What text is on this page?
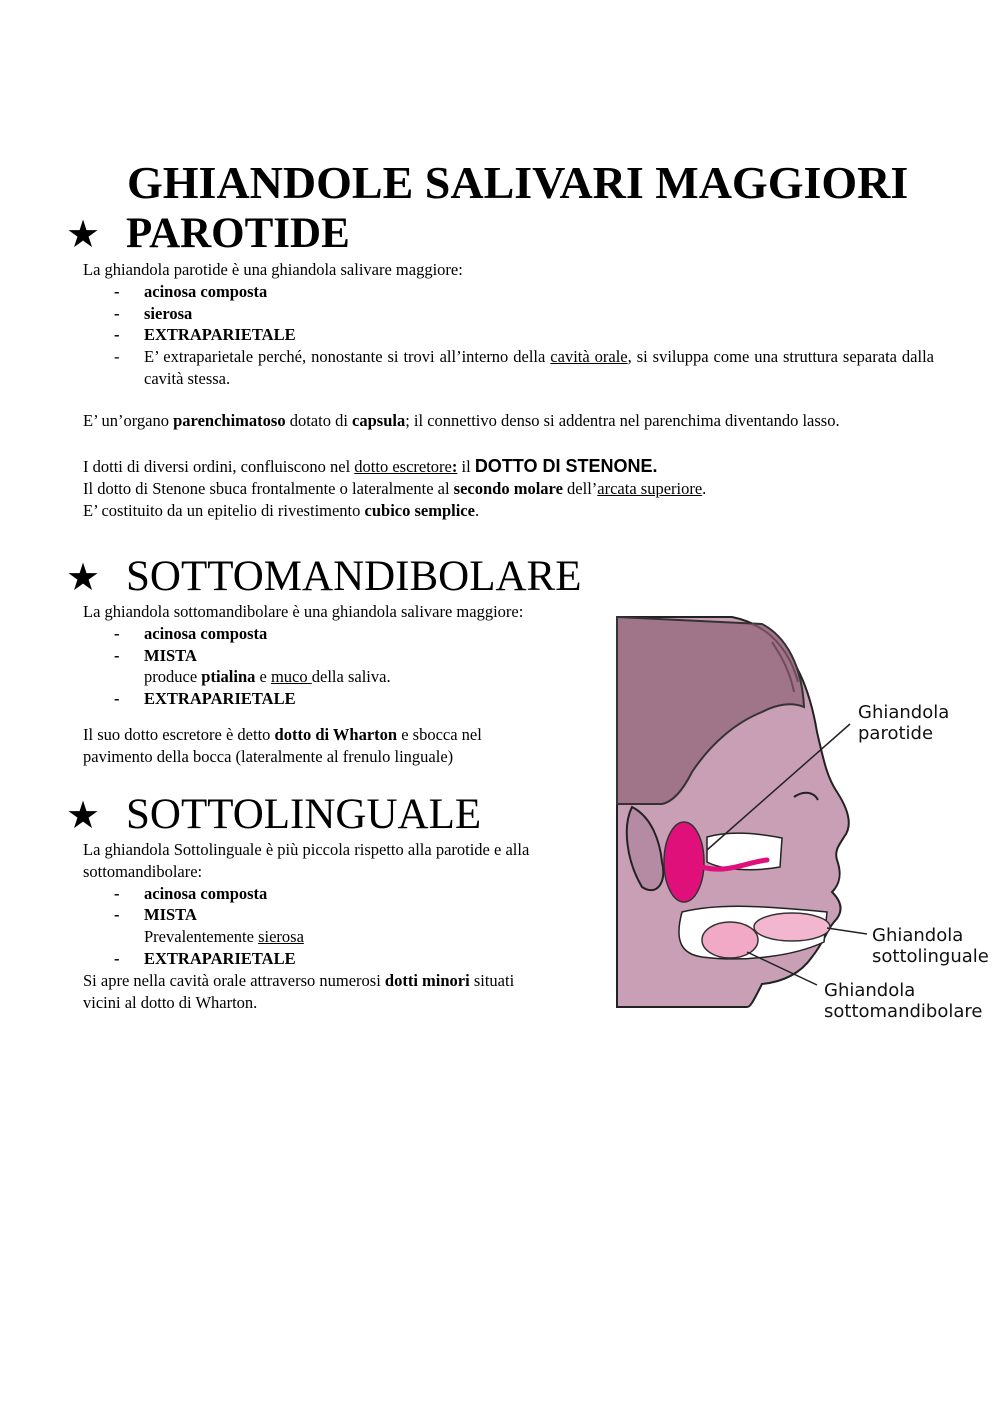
GHIANDOLE SALIVARI MAGGIORI
★ PAROTIDE

La ghiandola parotide è una ghiandola salivare maggiore:

- acinosa composta
- sierosa
- EXTRAPARIETALE
- E’ extraparietale perché, nonostante si trovi all’interno della cavità orale, si sviluppa come una struttura separata dalla cavità stessa.

E’ un’organo parenchimatoso dotato di capsula; il connettivo denso si addentra nel parenchima diventando lasso.

I dotti di diversi ordini, confluiscono nel dotto escretore: il DOTTO DI STENONE.

Il dotto di Stenone sbuca frontalmente o lateralmente al secondo molare dell’arcata superiore.

E’ costituito da un epitelio di rivestimento cubico semplice.

★ SOTTOMANDIBOLARE

La ghiandola sottomandibolare è una ghiandola salivare maggiore:

- acinosa composta
- MISTA
produce ptialina e muco della saliva.
- EXTRAPARIETALE

Il suo dotto escretore è detto dotto di Wharton e sbocca nel

pavimento della bocca (lateralmente al frenulo linguale)

★ SOTTOLINGUALE

La ghiandola Sottolinguale è più piccola rispetto alla parotide e alla

sottomandibolare:

- acinosa composta
- MISTA
Prevalentemente sierosa
- EXTRAPARIETALE

Si apre nella cavità orale attraverso numerosi dotti minori situati

vicini al dotto di Wharton.

Ghiandola
parotide
Ghiandola
sottolinguale
Ghiandola
sottomandibolare
